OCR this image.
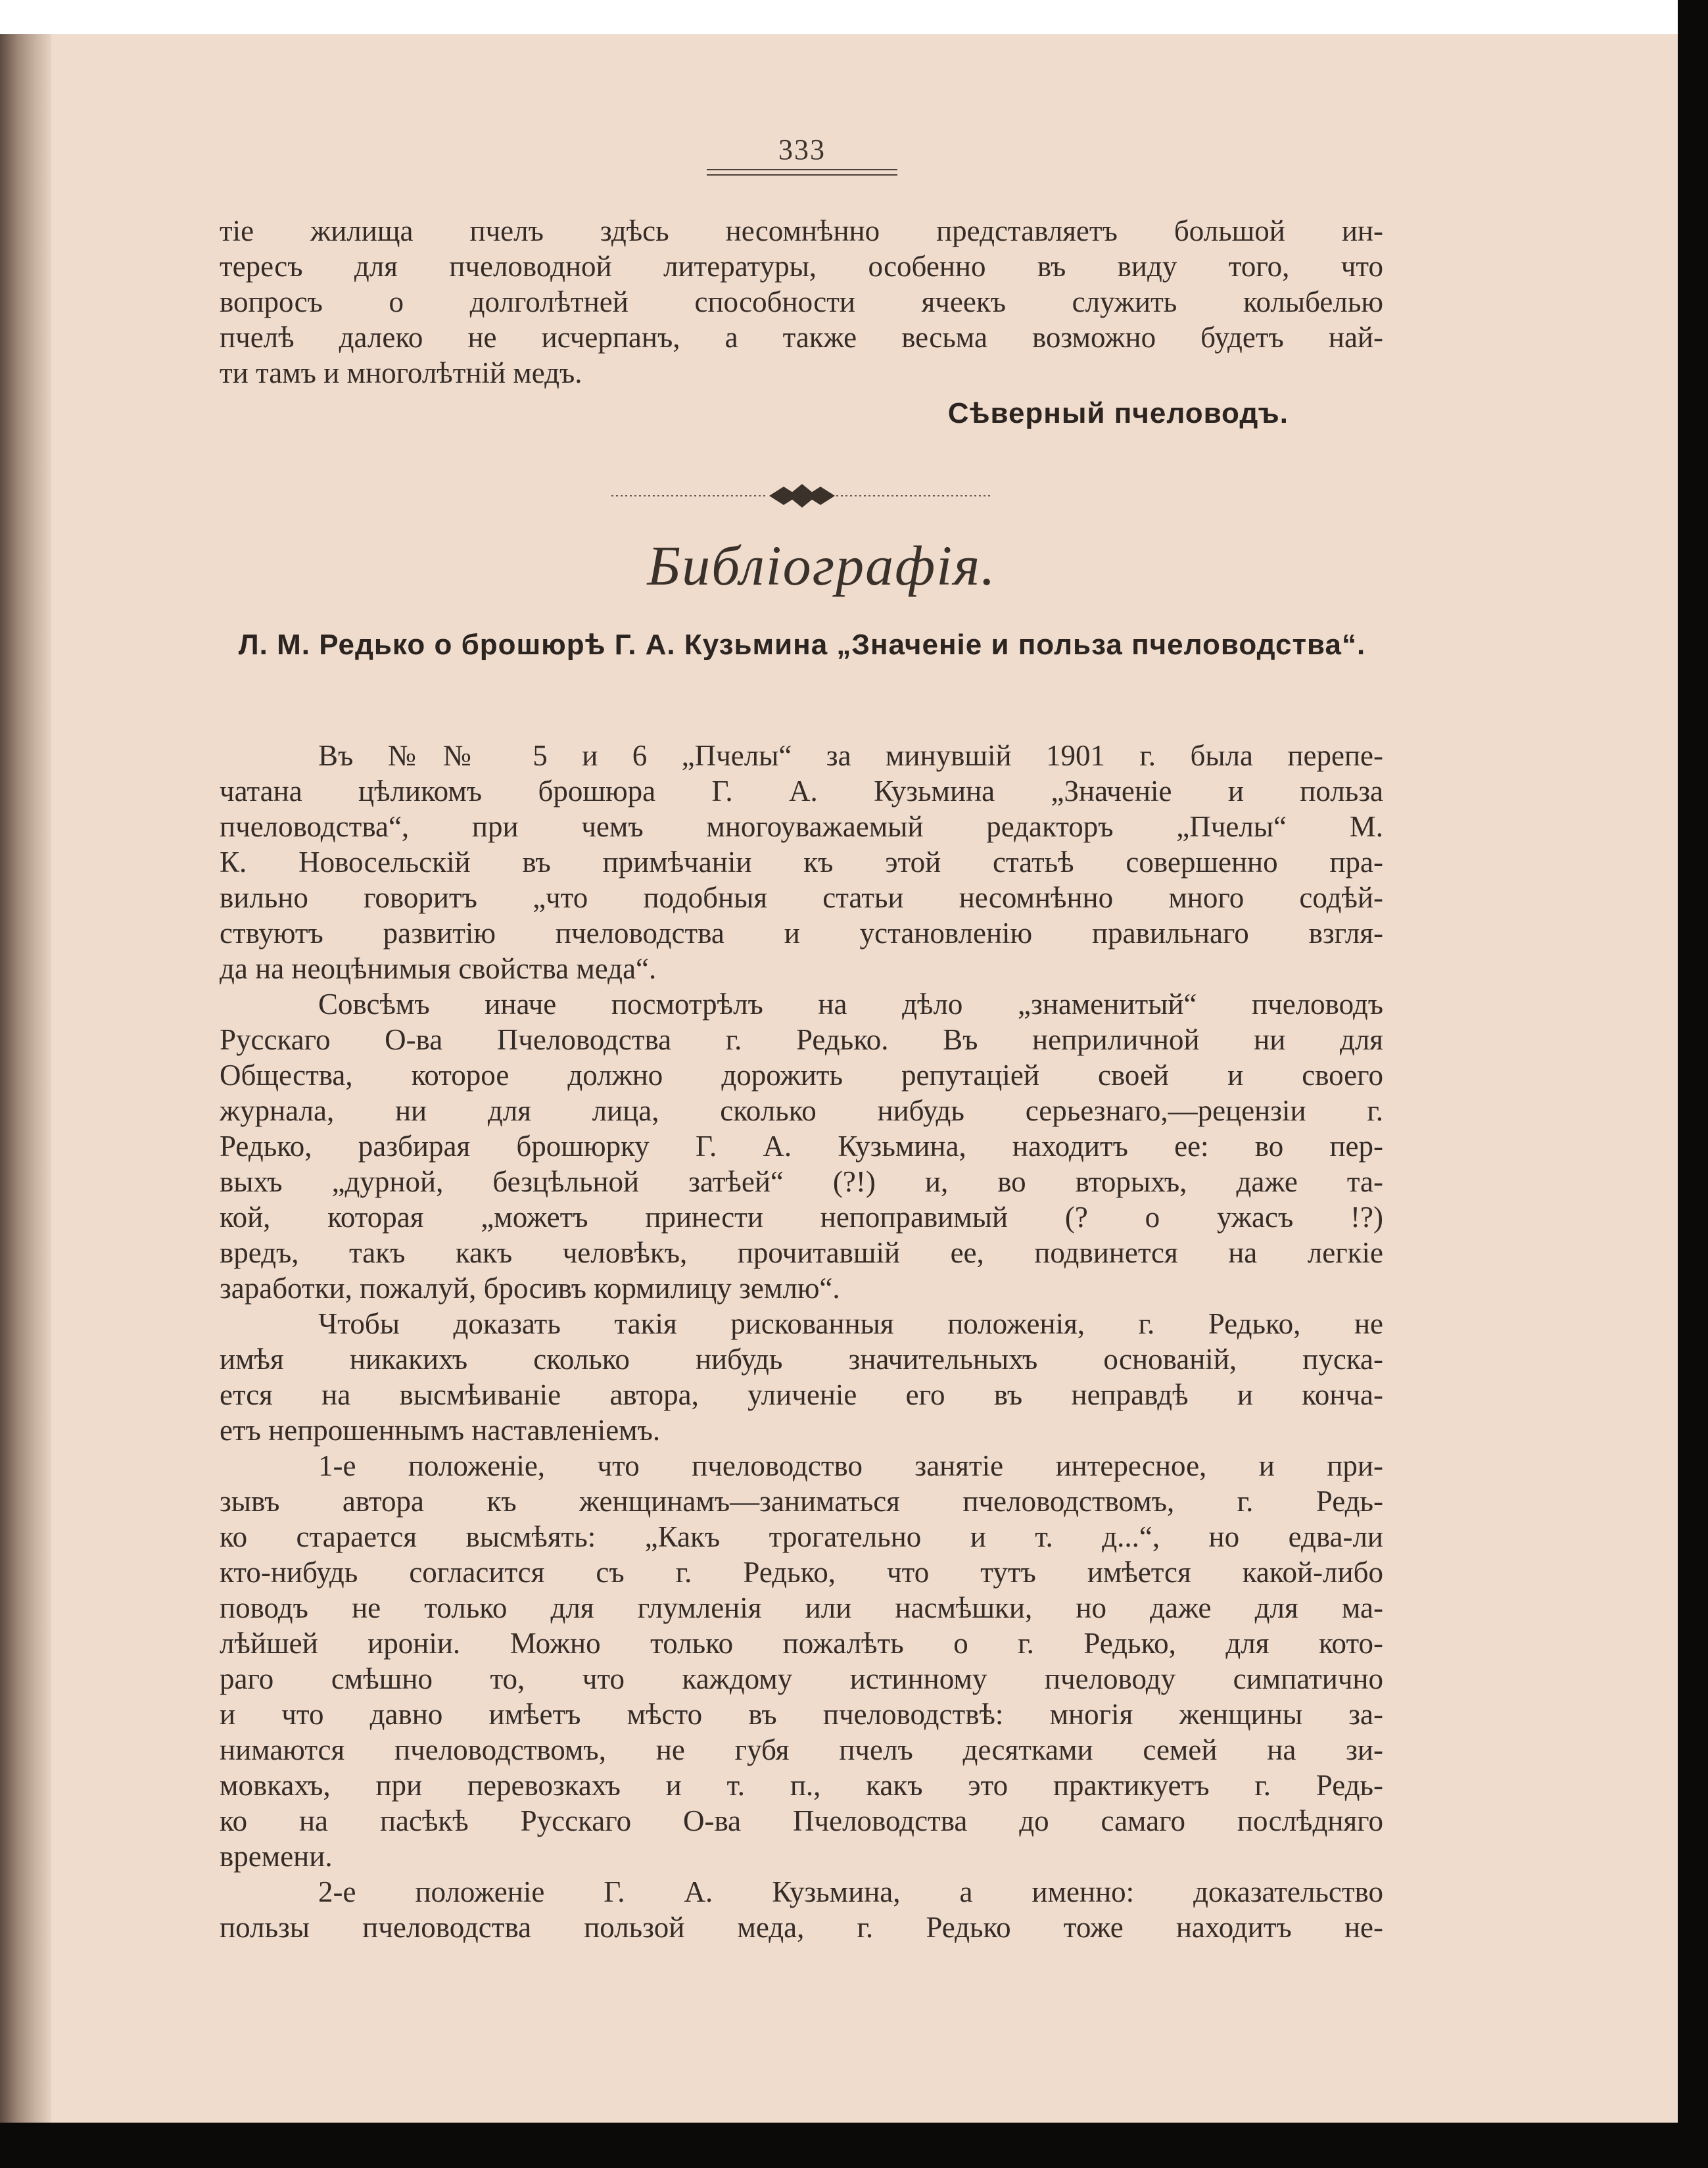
333

тіе жилища пчелъ здѣсь несомнѣнно представляетъ большой ин-

тересъ для пчеловодной литературы, особенно въ виду того, что

вопросъ о долголѣтней способности ячеекъ служить колыбелью

пчелѣ далеко не исчерпанъ, а также весьма возможно будетъ най-

ти тамъ и многолѣтній медъ.

Сѣверный пчеловодъ.
Библіографія.
Л. М. Редько о брошюрѣ Г. А. Кузьмина „Значеніе и польза пчеловодства“.

Въ №№ 5 и 6 „Пчелы“ за минувшій 1901 г. была перепе-

чатана цѣликомъ брошюра Г. А. Кузьмина „Значеніе и польза

пчеловодства“, при чемъ многоуважаемый редакторъ „Пчелы“ М.

К. Новосельскій въ примѣчаніи къ этой статьѣ совершенно пра-

вильно говоритъ „что подобныя статьи несомнѣнно много содѣй-

ствуютъ развитію пчеловодства и установленію правильнаго взгля-

да на неоцѣнимыя свойства меда“.

Совсѣмъ иначе посмотрѣлъ на дѣло „знаменитый“ пчеловодъ

Русскаго О-ва Пчеловодства г. Редько. Въ неприличной ни для

Общества, которое должно дорожить репутаціей своей и своего

журнала, ни для лица, сколько нибудь серьезнаго,—рецензіи г.

Редько, разбирая брошюрку Г. А. Кузьмина, находитъ ее: во пер-

выхъ „дурной, безцѣльной затѣей“ (?!) и, во вторыхъ, даже та-

кой, которая „можетъ принести непоправимый (? о ужасъ !?)

вредъ, такъ какъ человѣкъ, прочитавшій ее, подвинется на легкіе

заработки, пожалуй, бросивъ кормилицу землю“.

Чтобы доказать такія рискованныя положенія, г. Редько, не

имѣя никакихъ сколько нибудь значительныхъ основаній, пуска-

ется на высмѣиваніе автора, уличеніе его въ неправдѣ и конча-

етъ непрошеннымъ наставленіемъ.

1-е положеніе, что пчеловодство занятіе интересное, и при-

зывъ автора къ женщинамъ—заниматься пчеловодствомъ, г. Редь-

ко старается высмѣять: „Какъ трогательно и т. д...“, но едва-ли

кто-нибудь согласится съ г. Редько, что тутъ имѣется какой-либо

поводъ не только для глумленія или насмѣшки, но даже для ма-

лѣйшей ироніи. Можно только пожалѣть о г. Редько, для кото-

раго смѣшно то, что каждому истинному пчеловоду симпатично

и что давно имѣетъ мѣсто въ пчеловодствѣ: многія женщины за-

нимаются пчеловодствомъ, не губя пчелъ десятками семей на зи-

мовкахъ, при перевозкахъ и т. п., какъ это практикуетъ г. Редь-

ко на пасѣкѣ Русскаго О-ва Пчеловодства до самаго послѣдняго

времени.

2-е положеніе Г. А. Кузьмина, а именно: доказательство

пользы пчеловодства пользой меда, г. Редько тоже находитъ не-
